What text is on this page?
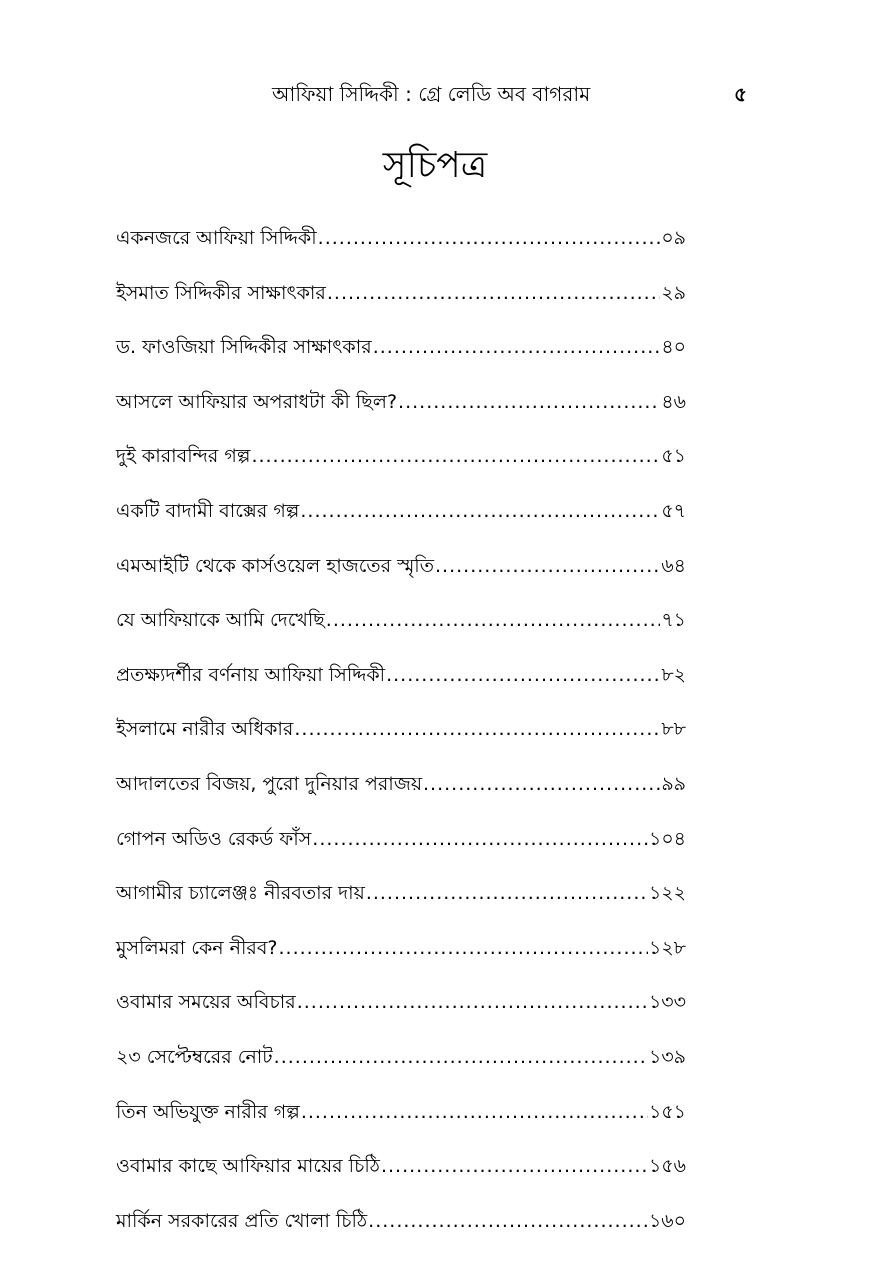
আফিয়া সিদ্দিকী : গ্রে লেডি অব বাগরাম	৫
সূচিপত্র
একনজরে আফিয়া সিদ্দিকী .....	০৯
ইসমাত সিদ্দিকীর সাক্ষাৎকার .....	২৯
ড. ফাওজিয়া সিদ্দিকীর সাক্ষাৎকার .....	৪০
আসলে আফিয়ার অপরাধটা কী ছিল? .....	৪৬
দুই কারাবন্দির গল্প .....	৫১
একটি বাদামী বাক্সের গল্প .....	৫৭
এমআইটি থেকে কার্সওয়েল হাজতের স্মৃতি .....	৬৪
যে আফিয়াকে আমি দেখেছি .....	৭১
প্রতক্ষ্যদর্শীর বর্ণনায় আফিয়া সিদ্দিকী .....	৮২
ইসলামে নারীর অধিকার .....	৮৮
আদালতের বিজয়, পুরো দুনিয়ার পরাজয় .....	৯৯
গোপন অডিও রেকর্ড ফাঁস .....	১০৪
আগামীর চ্যালেঞ্জঃ নীরবতার দায় .....	১২২
মুসলিমরা কেন নীরব? .....	১২৮
ওবামার সময়ের অবিচার .....	১৩৩
২৩ সেপ্টেম্বরের নোট .....	১৩৯
তিন অভিযুক্ত নারীর গল্প .....	১৫১
ওবামার কাছে আফিয়ার মায়ের চিঠি .....	১৫৬
মার্কিন সরকারের প্রতি খোলা চিঠি .....	১৬০
